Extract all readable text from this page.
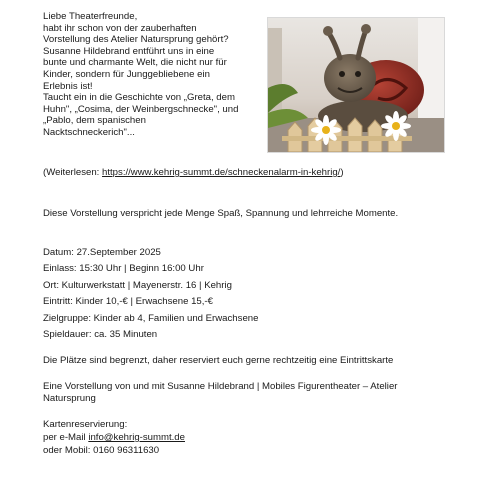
Liebe Theaterfreunde,

habt ihr schon von der zauberhaften

Vorstellung des Atelier Natursprung gehört?

Susanne Hildebrand entführt uns in eine

bunte und charmante Welt, die nicht nur für

Kinder, sondern für Junggebliebene ein

Erlebnis ist!

Taucht ein in die Geschichte von „Greta, dem

Huhn", „Cosima, der Weinbergschnecke", und

„Pablo, dem spanischen

Nacktschneckerich"...

(Weiterlesen: https://www.kehrig-summt.de/schneckenalarm-in-kehrig/)

Diese Vorstellung verspricht jede Menge Spaß, Spannung und lehrreiche Momente.

Datum: 27.September 2025

Einlass: 15:30 Uhr | Beginn 16:00 Uhr

Ort: Kulturwerkstatt | Mayenerstr. 16 | Kehrig

Eintritt: Kinder 10,-€ | Erwachsene 15,-€

Zielgruppe: Kinder ab 4, Familien und Erwachsene

Spieldauer: ca. 35 Minuten

Die Plätze sind begrenzt, daher reserviert euch gerne rechtzeitig eine Eintrittskarte

Eine Vorstellung von und mit Susanne Hildebrand | Mobiles Figurentheater – Atelier Natursprung

Kartenreservierung:

per e-Mail info@kehrig-summt.de

oder Mobil: 0160 96311630
